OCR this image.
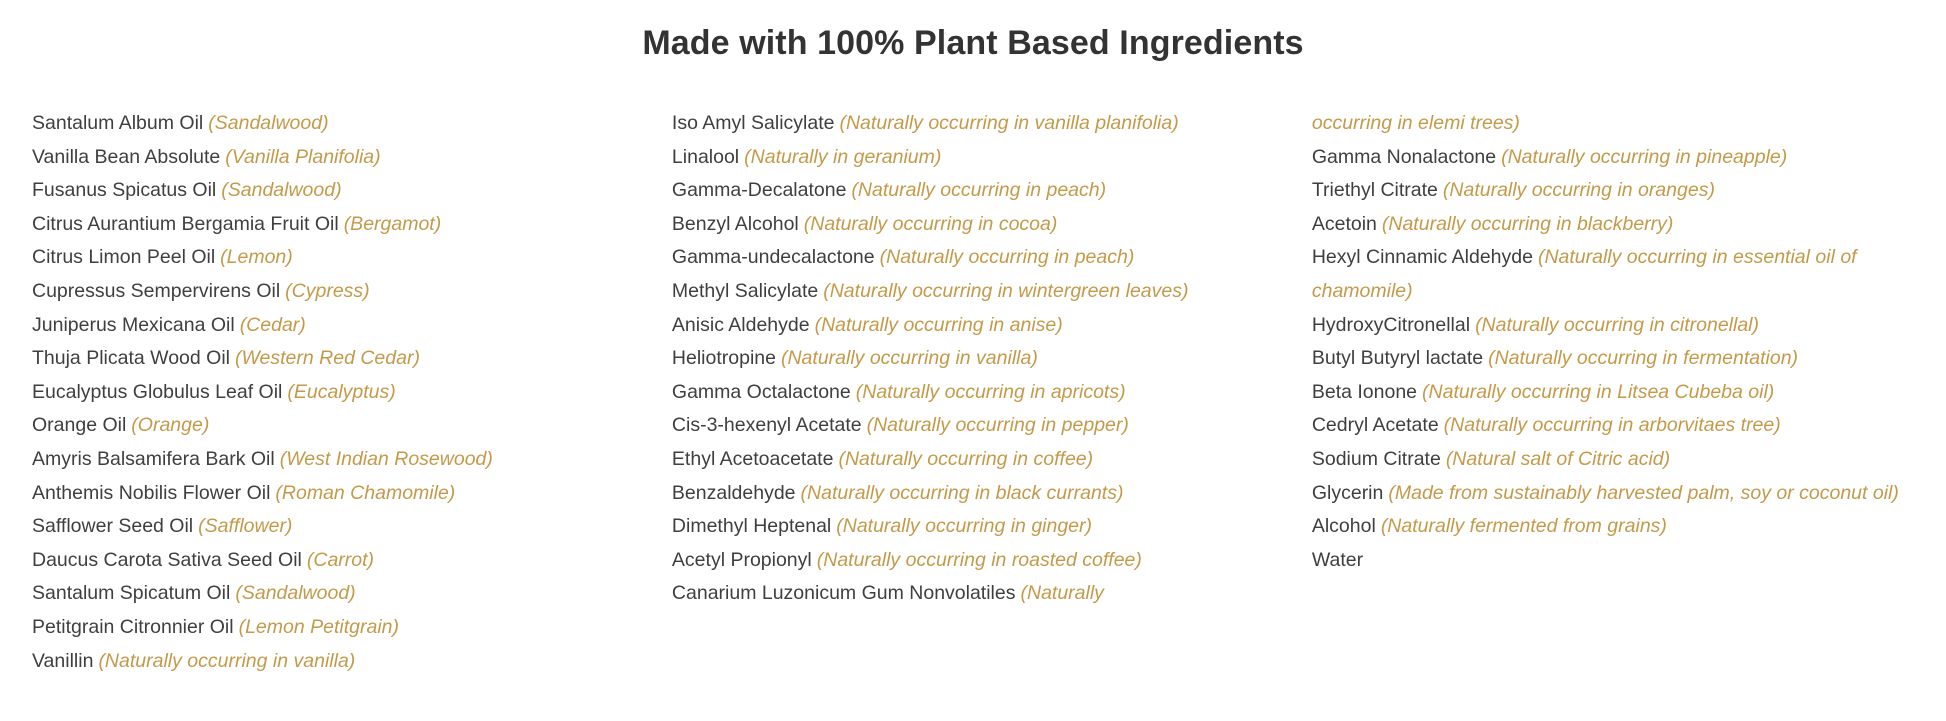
Made with 100% Plant Based Ingredients
Santalum Album Oil (Sandalwood)
Vanilla Bean Absolute (Vanilla Planifolia)
Fusanus Spicatus Oil (Sandalwood)
Citrus Aurantium Bergamia Fruit Oil (Bergamot)
Citrus Limon Peel Oil (Lemon)
Cupressus Sempervirens Oil (Cypress)
Juniperus Mexicana Oil (Cedar)
Thuja Plicata Wood Oil (Western Red Cedar)
Eucalyptus Globulus Leaf Oil (Eucalyptus)
Orange Oil (Orange)
Amyris Balsamifera Bark Oil (West Indian Rosewood)
Anthemis Nobilis Flower Oil (Roman Chamomile)
Safflower Seed Oil (Safflower)
Daucus Carota Sativa Seed Oil (Carrot)
Santalum Spicatum Oil (Sandalwood)
Petitgrain Citronnier Oil (Lemon Petitgrain)
Vanillin (Naturally occurring in vanilla)
Iso Amyl Salicylate (Naturally occurring in vanilla planifolia)
Linalool (Naturally in geranium)
Gamma-Decalatone (Naturally occurring in peach)
Benzyl Alcohol (Naturally occurring in cocoa)
Gamma-undecalactone (Naturally occurring in peach)
Methyl Salicylate (Naturally occurring in wintergreen leaves)
Anisic Aldehyde (Naturally occurring in anise)
Heliotropine (Naturally occurring in vanilla)
Gamma Octalactone (Naturally occurring in apricots)
Cis-3-hexenyl Acetate (Naturally occurring in pepper)
Ethyl Acetoacetate (Naturally occurring in coffee)
Benzaldehyde (Naturally occurring in black currants)
Dimethyl Heptenal (Naturally occurring in ginger)
Acetyl Propionyl (Naturally occurring in roasted coffee)
Canarium Luzonicum Gum Nonvolatiles (Naturally
occurring in elemi trees)
Gamma Nonalactone (Naturally occurring in pineapple)
Triethyl Citrate (Naturally occurring in oranges)
Acetoin (Naturally occurring in blackberry)
Hexyl Cinnamic Aldehyde (Naturally occurring in essential oil of chamomile)
HydroxyCitronellal (Naturally occurring in citronellal)
Butyl Butyryl lactate (Naturally occurring in fermentation)
Beta Ionone (Naturally occurring in Litsea Cubeba oil)
Cedryl Acetate (Naturally occurring in arborvitaes tree)
Sodium Citrate (Natural salt of Citric acid)
Glycerin (Made from sustainably harvested palm, soy or coconut oil)
Alcohol (Naturally fermented from grains)
Water
